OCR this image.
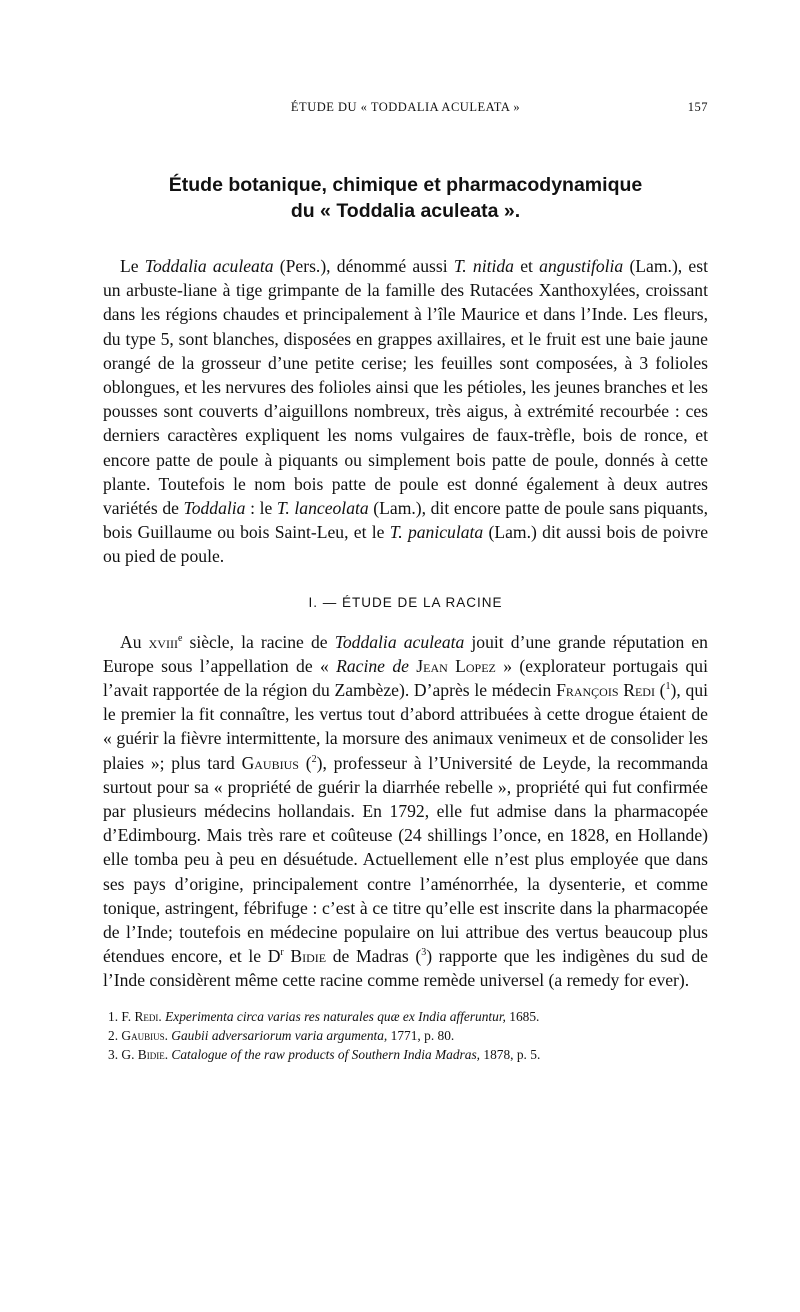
ÉTUDE DU « TODDALIA ACULEATA »	157
Étude botanique, chimique et pharmacodynamique
du « Toddalia aculeata ».

Le Toddalia aculeata (Pers.), dénommé aussi T. nitida et angustifolia (Lam.), est un arbuste-liane à tige grimpante de la famille des Rutacées Xanthoxylées, croissant dans les régions chaudes et principalement à l’île Maurice et dans l’Inde. Les fleurs, du type 5, sont blanches, disposées en grappes axillaires, et le fruit est une baie jaune orangé de la grosseur d’une petite cerise; les feuilles sont composées, à 3 folioles oblongues, et les nervures des folioles ainsi que les pétioles, les jeunes branches et les pousses sont couverts d’aiguillons nombreux, très aigus, à extrémité recourbée : ces derniers caractères expliquent les noms vulgaires de faux-trèfle, bois de ronce, et encore patte de poule à piquants ou simplement bois patte de poule, donnés à cette plante. Toutefois le nom bois patte de poule est donné également à deux autres variétés de Toddalia : le T. lanceolata (Lam.), dit encore patte de poule sans piquants, bois Guillaume ou bois Saint-Leu, et le T. paniculata (Lam.) dit aussi bois de poivre ou pied de poule.

I. — ÉTUDE DE LA RACINE

Au xviii$^e$ siècle, la racine de Toddalia aculeata jouit d’une grande réputation en Europe sous l’appellation de « Racine de Jean Lopez » (explorateur portugais qui l’avait rapportée de la région du Zambèze). D’après le médecin François Redi ($^1$), qui le premier la fit connaître, les vertus tout d’abord attribuées à cette drogue étaient de « guérir la fièvre intermittente, la morsure des animaux venimeux et de consolider les plaies »; plus tard Gaubius ($^2$), professeur à l’Université de Leyde, la recommanda surtout pour sa « propriété de guérir la diarrhée rebelle », propriété qui fut confirmée par plusieurs médecins hollandais. En 1792, elle fut admise dans la pharmacopée d’Edimbourg. Mais très rare et coûteuse (24 shillings l’once, en 1828, en Hollande) elle tomba peu à peu en désuétude. Actuellement elle n’est plus employée que dans ses pays d’origine, principalement contre l’aménorrhée, la dysenterie, et comme tonique, astringent, fébrifuge : c’est à ce titre qu’elle est inscrite dans la pharmacopée de l’Inde; toutefois en médecine populaire on lui attribue des vertus beaucoup plus étendues encore, et le $D^r$ Bidie de Madras ($^3$) rapporte que les indigènes du sud de l’Inde considèrent même cette racine comme remède universel (a remedy for ever).

1. F. Redi. Experimenta circa varias res naturales quæ ex India afferuntur, 1685.
2. Gaubius. Gaubii adversariorum varia argumenta, 1771, p. 80.
3. G. Bidie. Catalogue of the raw products of Southern India Madras, 1878, p. 5.
